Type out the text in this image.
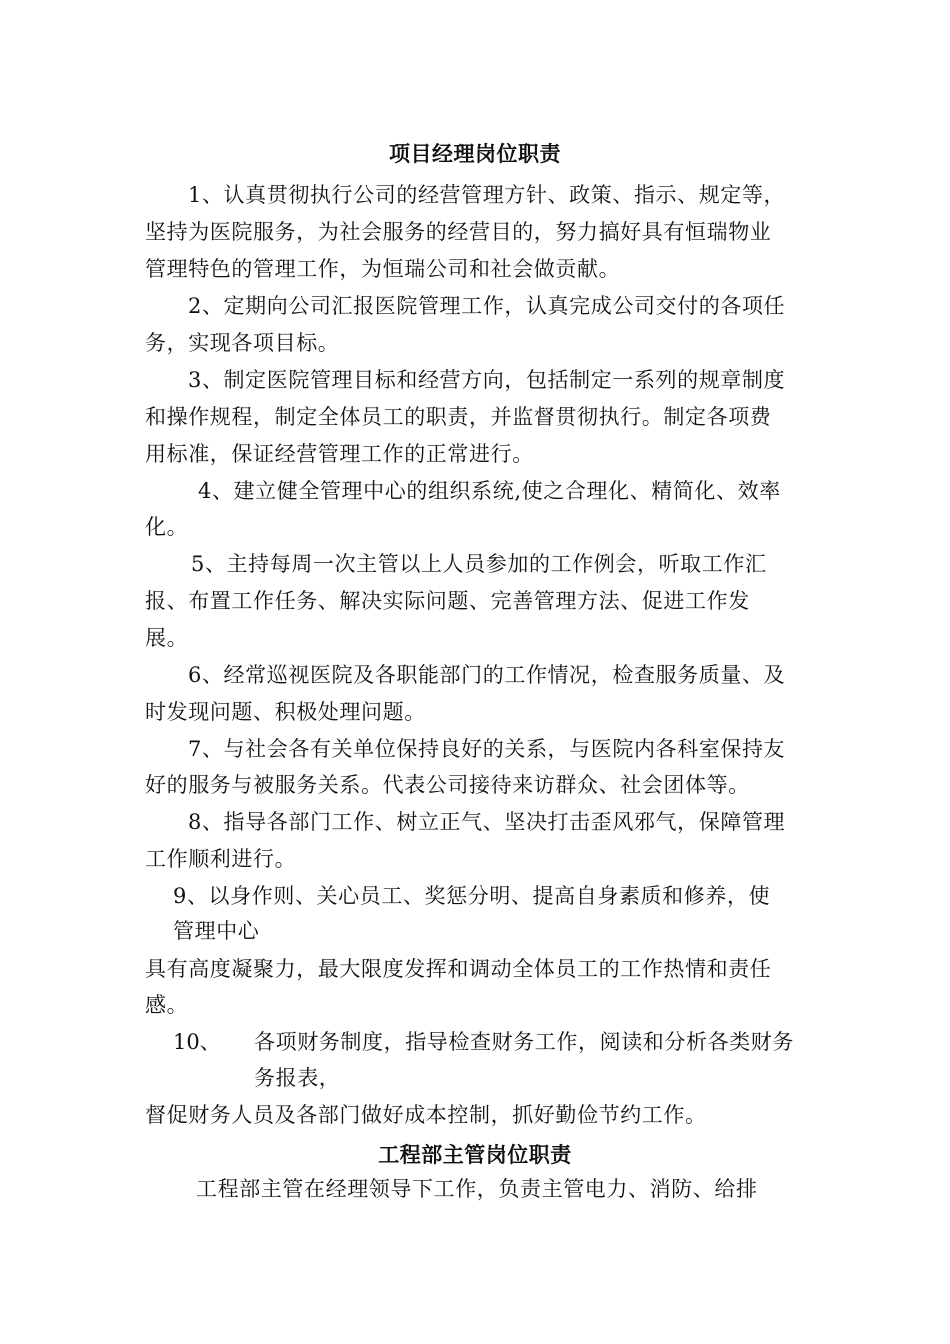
项目经理岗位职责
1、认真贯彻执行公司的经营管理方针、政策、指示、规定等，
坚持为医院服务，为社会服务的经营目的，努力搞好具有恒瑞物业
管理特色的管理工作，为恒瑞公司和社会做贡献。
2、定期向公司汇报医院管理工作，认真完成公司交付的各项任
务，实现各项目标。
3、制定医院管理目标和经营方向，包括制定一系列的规章制度
和操作规程，制定全体员工的职责，并监督贯彻执行。制定各项费
用标准，保证经营管理工作的正常进行。
4、建立健全管理中心的组织系统,使之合理化、精简化、效率
化。
5、主持每周一次主管以上人员参加的工作例会，听取工作汇
报、布置工作任务、解决实际问题、完善管理方法、促进工作发
展。
6、经常巡视医院及各职能部门的工作情况，检查服务质量、及
时发现问题、积极处理问题。
7、与社会各有关单位保持良好的关系，与医院内各科室保持友
好的服务与被服务关系。代表公司接待来访群众、社会团体等。
8、指导各部门工作、树立正气、坚决打击歪风邪气，保障管理
工作顺利进行。
9、以身作则、关心员工、奖惩分明、提高自身素质和修养，使
管理中心
具有高度凝聚力，最大限度发挥和调动全体员工的工作热情和责任
感。
10、 各项财务制度，指导检查财务工作，阅读和分析各类财务
务报表，
督促财务人员及各部门做好成本控制，抓好勤俭节约工作。
工程部主管岗位职责
工程部主管在经理领导下工作，负责主管电力、消防、给排
